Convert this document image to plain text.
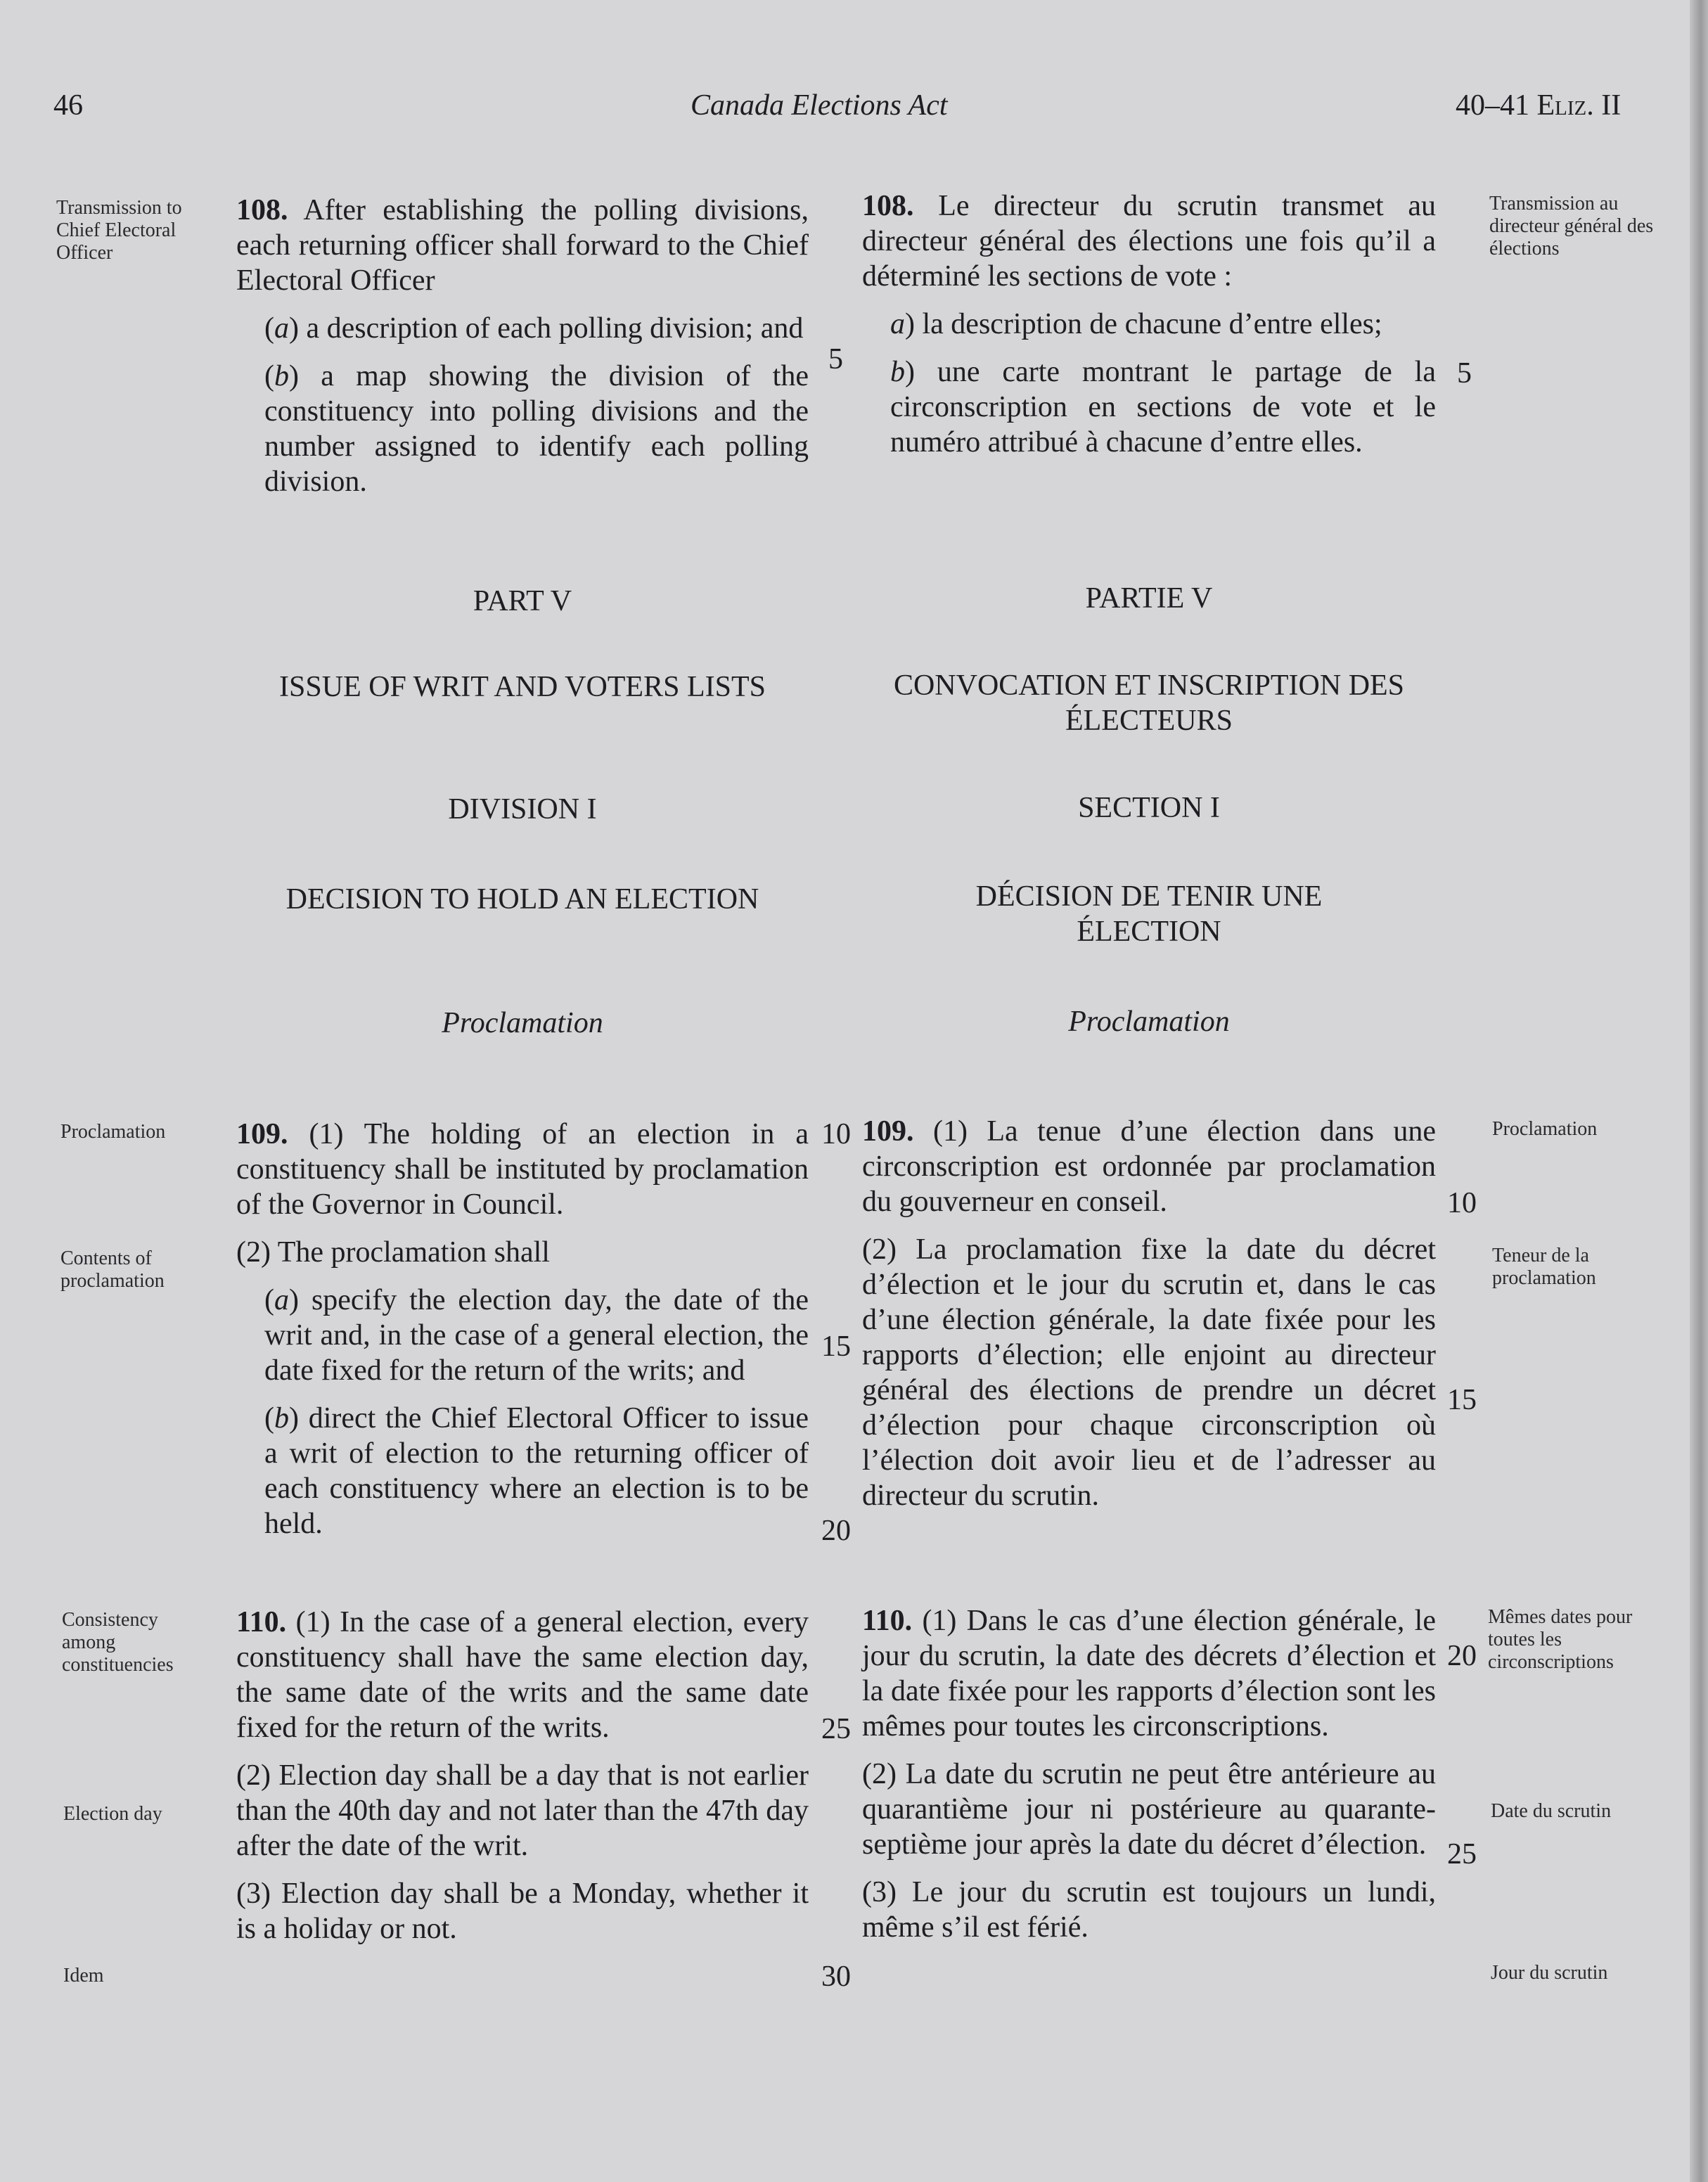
46	Canada Elections Act	40–41 Eliz. II
Transmission to Chief Electoral Officer
Proclamation
Contents of proclamation
Consistency among constituencies
Election day
Idem
Transmission au directeur général des élections
Proclamation
Teneur de la proclamation
Mêmes dates pour toutes les circonscriptions
Date du scrutin
Jour du scrutin

108. After establishing the polling divisions, each returning officer shall forward to the Chief Electoral Officer

(a) a description of each polling division; and

(b) a map showing the division of the constituency into polling divisions and the number assigned to identify each polling division.

108. Le directeur du scrutin transmet au directeur général des élections une fois qu’il a déterminé les sections de vote :

a) la description de chacune d’entre elles;

b) une carte montrant le partage de la circonscription en sections de vote et le numéro attribué à chacune d’entre elles.

PART V
ISSUE OF WRIT AND VOTERS LISTS
DIVISION I
DECISION TO HOLD AN ELECTION
Proclamation
PARTIE V
CONVOCATION ET INSCRIPTION DES ÉLECTEURS
SECTION I
DÉCISION DE TENIR UNE ÉLECTION
Proclamation

109. (1) The holding of an election in a constituency shall be instituted by proclamation of the Governor in Council.

(2) The proclamation shall

(a) specify the election day, the date of the writ and, in the case of a general election, the date fixed for the return of the writs; and

(b) direct the Chief Electoral Officer to issue a writ of election to the returning officer of each constituency where an election is to be held.

109. (1) La tenue d’une élection dans une circonscription est ordonnée par proclamation du gouverneur en conseil.

(2) La proclamation fixe la date du décret d’élection et le jour du scrutin et, dans le cas d’une élection générale, la date fixée pour les rapports d’élection; elle enjoint au directeur général des élections de prendre un décret d’élection pour chaque circonscription où l’élection doit avoir lieu et de l’adresser au directeur du scrutin.

110. (1) In the case of a general election, every constituency shall have the same election day, the same date of the writs and the same date fixed for the return of the writs.

(2) Election day shall be a day that is not earlier than the 40th day and not later than the 47th day after the date of the writ.

(3) Election day shall be a Monday, whether it is a holiday or not.

110. (1) Dans le cas d’une élection générale, le jour du scrutin, la date des décrets d’élection et la date fixée pour les rapports d’élection sont les mêmes pour toutes les circonscriptions.

(2) La date du scrutin ne peut être antérieure au quarantième jour ni postérieure au quarante-septième jour après la date du décret d’élection.

(3) Le jour du scrutin est toujours un lundi, même s’il est férié.

5
10
15
20
25
30
5
10
15
20
25
